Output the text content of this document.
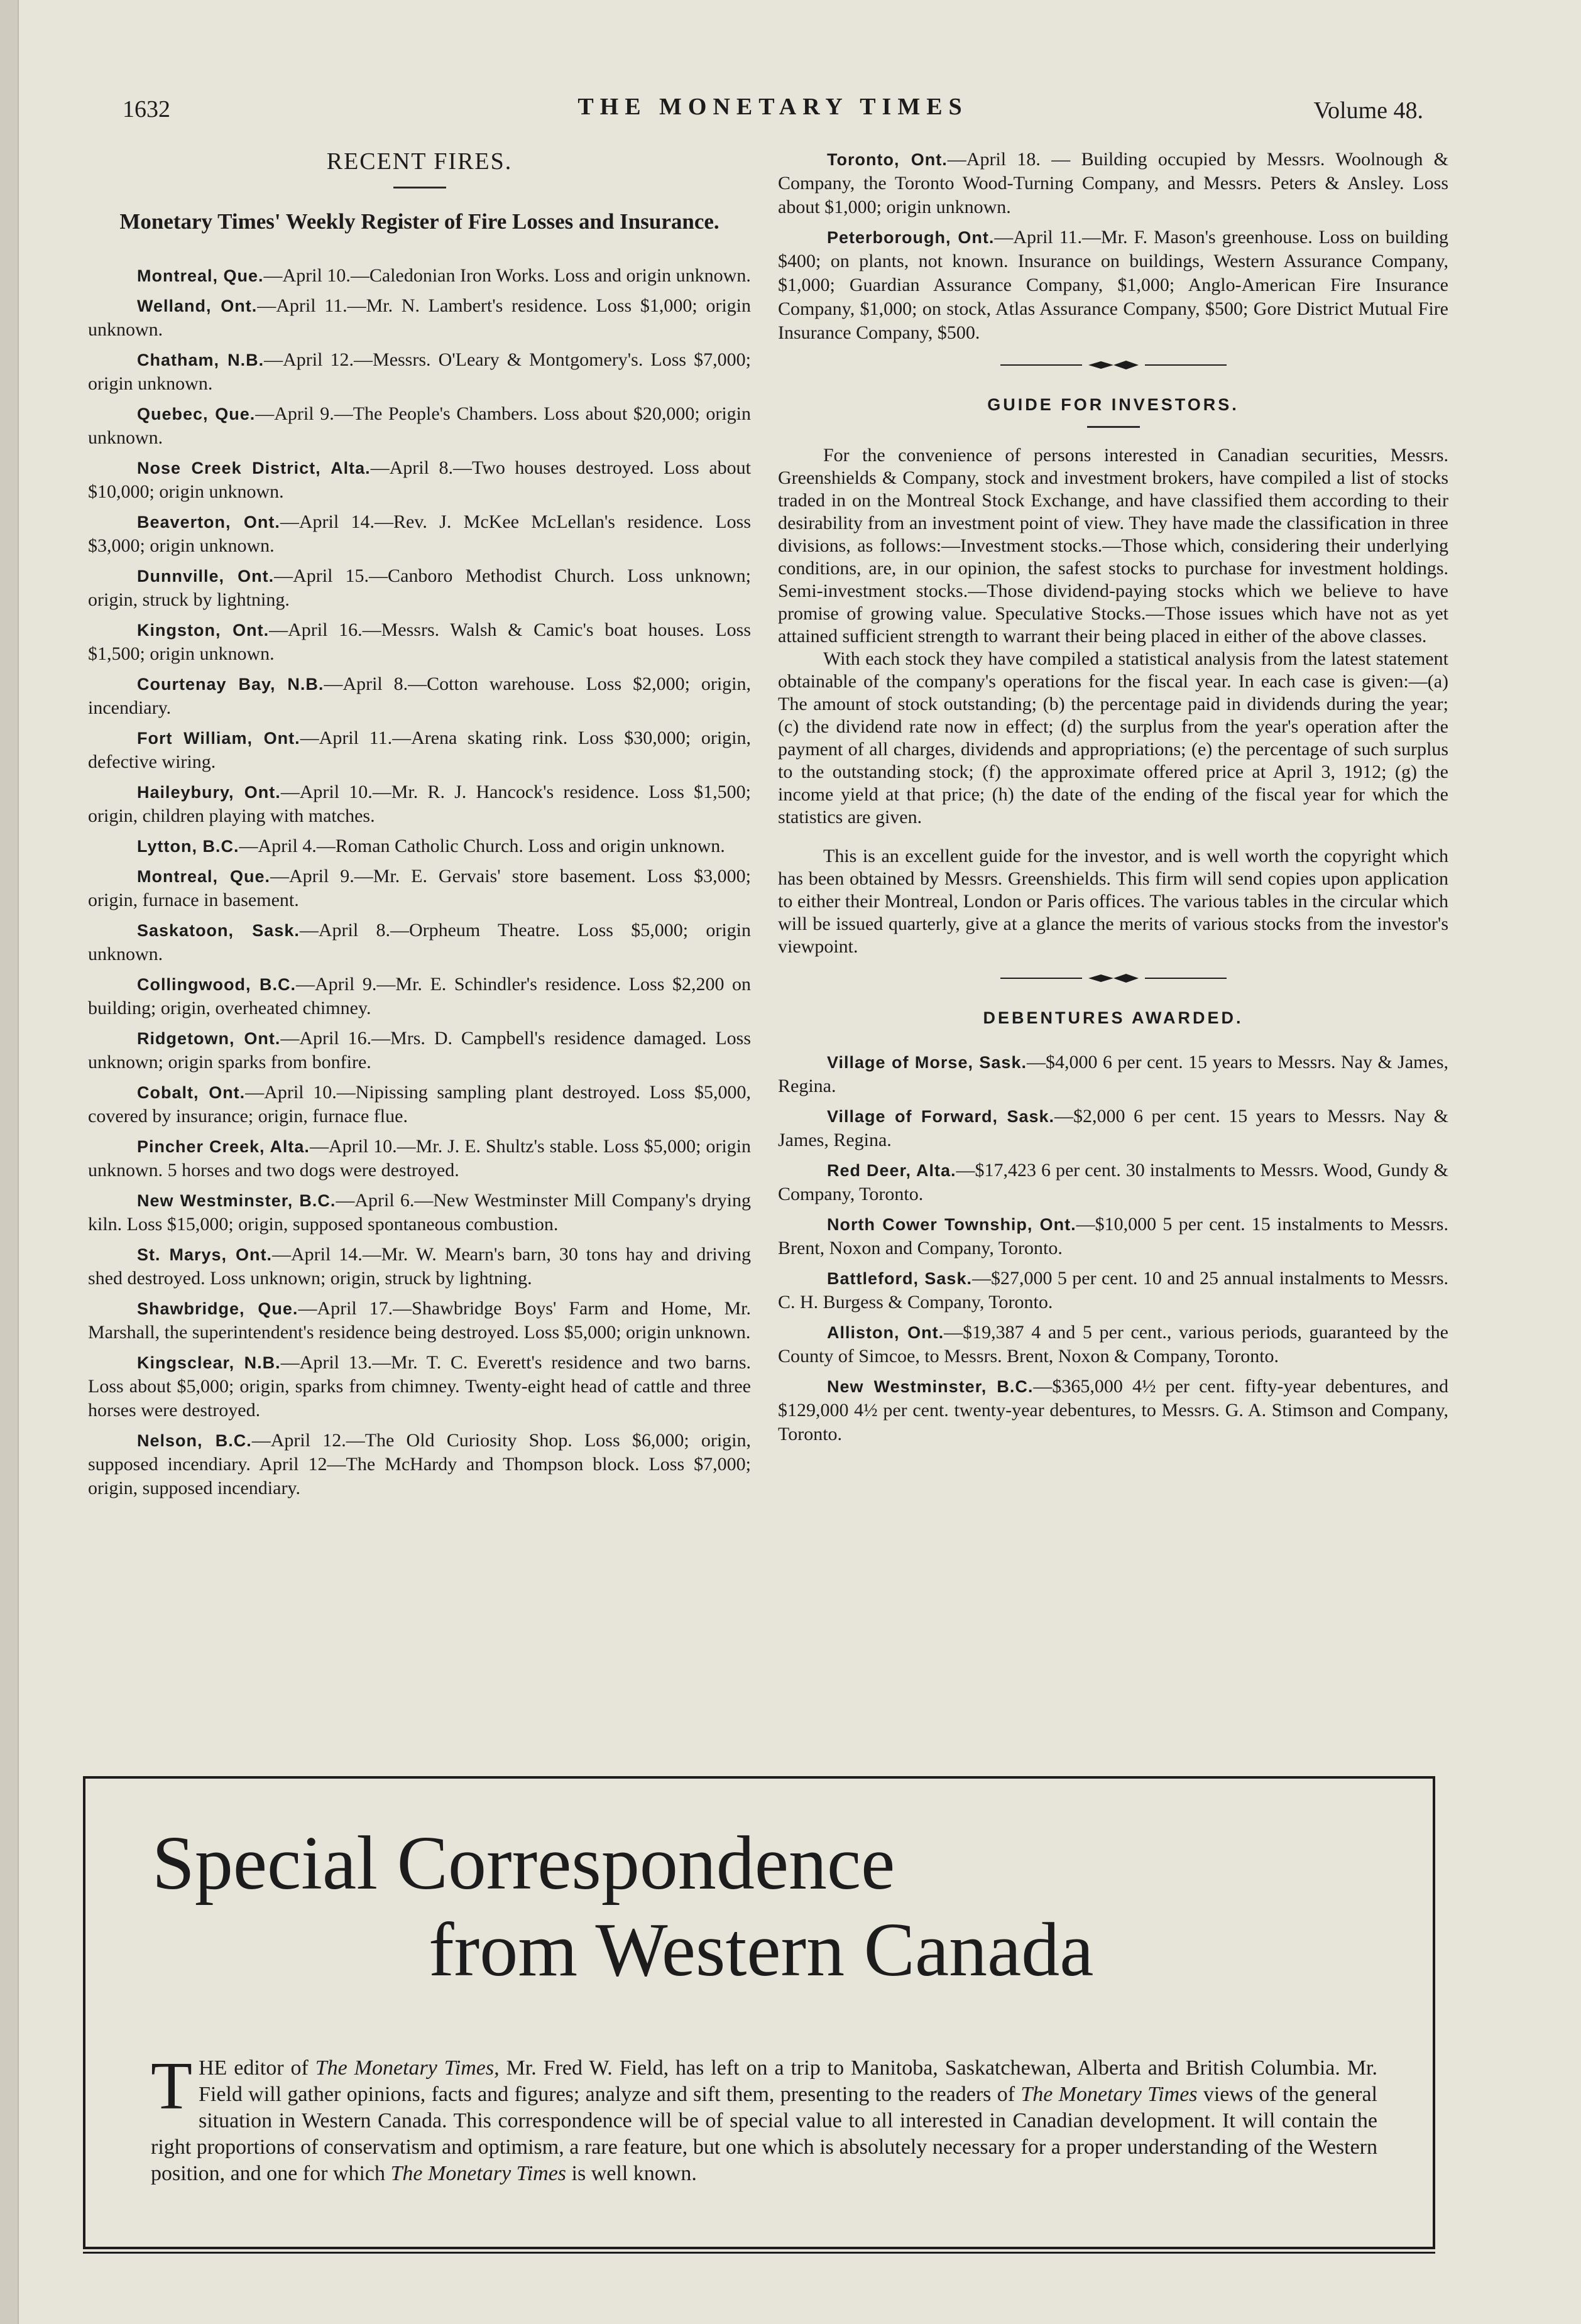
1632	THE MONETARY TIMES	Volume 48.
RECENT FIRES.
Monetary Times' Weekly Register of Fire Losses and Insurance.

Montreal, Que.—April 10.—Caledonian Iron Works. Loss and origin unknown.

Welland, Ont.—April 11.—Mr. N. Lambert's residence. Loss $1,000; origin unknown.

Chatham, N.B.—April 12.—Messrs. O'Leary & Montgomery's. Loss $7,000; origin unknown.

Quebec, Que.—April 9.—The People's Chambers. Loss about $20,000; origin unknown.

Nose Creek District, Alta.—April 8.—Two houses destroyed. Loss about $10,000; origin unknown.

Beaverton, Ont.—April 14.—Rev. J. McKee McLellan's residence. Loss $3,000; origin unknown.

Dunnville, Ont.—April 15.—Canboro Methodist Church. Loss unknown; origin, struck by lightning.

Kingston, Ont.—April 16.—Messrs. Walsh & Camic's boat houses. Loss $1,500; origin unknown.

Courtenay Bay, N.B.—April 8.—Cotton warehouse. Loss $2,000; origin, incendiary.

Fort William, Ont.—April 11.—Arena skating rink. Loss $30,000; origin, defective wiring.

Haileybury, Ont.—April 10.—Mr. R. J. Hancock's residence. Loss $1,500; origin, children playing with matches.

Lytton, B.C.—April 4.—Roman Catholic Church. Loss and origin unknown.

Montreal, Que.—April 9.—Mr. E. Gervais' store basement. Loss $3,000; origin, furnace in basement.

Saskatoon, Sask.—April 8.—Orpheum Theatre. Loss $5,000; origin unknown.

Collingwood, B.C.—April 9.—Mr. E. Schindler's residence. Loss $2,200 on building; origin, overheated chimney.

Ridgetown, Ont.—April 16.—Mrs. D. Campbell's residence damaged. Loss unknown; origin sparks from bonfire.

Cobalt, Ont.—April 10.—Nipissing sampling plant destroyed. Loss $5,000, covered by insurance; origin, furnace flue.

Pincher Creek, Alta.—April 10.—Mr. J. E. Shultz's stable. Loss $5,000; origin unknown. 5 horses and two dogs were destroyed.

New Westminster, B.C.—April 6.—New Westminster Mill Company's drying kiln. Loss $15,000; origin, supposed spontaneous combustion.

St. Marys, Ont.—April 14.—Mr. W. Mearn's barn, 30 tons hay and driving shed destroyed. Loss unknown; origin, struck by lightning.

Shawbridge, Que.—April 17.—Shawbridge Boys' Farm and Home, Mr. Marshall, the superintendent's residence being destroyed. Loss $5,000; origin unknown.

Kingsclear, N.B.—April 13.—Mr. T. C. Everett's residence and two barns. Loss about $5,000; origin, sparks from chimney. Twenty-eight head of cattle and three horses were destroyed.

Nelson, B.C.—April 12.—The Old Curiosity Shop. Loss $6,000; origin, supposed incendiary. April 12—The McHardy and Thompson block. Loss $7,000; origin, supposed incendiary.

Toronto, Ont.—April 18. — Building occupied by Messrs. Woolnough & Company, the Toronto Wood-Turning Company, and Messrs. Peters & Ansley. Loss about $1,000; origin unknown.

Peterborough, Ont.—April 11.—Mr. F. Mason's greenhouse. Loss on building $400; on plants, not known. Insurance on buildings, Western Assurance Company, $1,000; Guardian Assurance Company, $1,000; Anglo-American Fire Insurance Company, $1,000; on stock, Atlas Assurance Company, $500; Gore District Mutual Fire Insurance Company, $500.

GUIDE FOR INVESTORS.

For the convenience of persons interested in Canadian securities, Messrs. Greenshields & Company, stock and investment brokers, have compiled a list of stocks traded in on the Montreal Stock Exchange, and have classified them according to their desirability from an investment point of view. They have made the classification in three divisions, as follows:—Investment stocks.—Those which, considering their underlying conditions, are, in our opinion, the safest stocks to purchase for investment holdings. Semi-investment stocks.—Those dividend-paying stocks which we believe to have promise of growing value. Speculative Stocks.—Those issues which have not as yet attained sufficient strength to warrant their being placed in either of the above classes.

With each stock they have compiled a statistical analysis from the latest statement obtainable of the company's operations for the fiscal year. In each case is given:—(a) The amount of stock outstanding; (b) the percentage paid in dividends during the year; (c) the dividend rate now in effect; (d) the surplus from the year's operation after the payment of all charges, dividends and appropriations; (e) the percentage of such surplus to the outstanding stock; (f) the approximate offered price at April 3, 1912; (g) the income yield at that price; (h) the date of the ending of the fiscal year for which the statistics are given.

This is an excellent guide for the investor, and is well worth the copyright which has been obtained by Messrs. Greenshields. This firm will send copies upon application to either their Montreal, London or Paris offices. The various tables in the circular which will be issued quarterly, give at a glance the merits of various stocks from the investor's viewpoint.

DEBENTURES AWARDED.

Village of Morse, Sask.—$4,000 6 per cent. 15 years to Messrs. Nay & James, Regina.

Village of Forward, Sask.—$2,000 6 per cent. 15 years to Messrs. Nay & James, Regina.

Red Deer, Alta.—$17,423 6 per cent. 30 instalments to Messrs. Wood, Gundy & Company, Toronto.

North Cower Township, Ont.—$10,000 5 per cent. 15 instalments to Messrs. Brent, Noxon and Company, Toronto.

Battleford, Sask.—$27,000 5 per cent. 10 and 25 annual instalments to Messrs. C. H. Burgess & Company, Toronto.

Alliston, Ont.—$19,387 4 and 5 per cent., various periods, guaranteed by the County of Simcoe, to Messrs. Brent, Noxon & Company, Toronto.

New Westminster, B.C.—$365,000 4½ per cent. fifty-year debentures, and $129,000 4½ per cent. twenty-year debentures, to Messrs. G. A. Stimson and Company, Toronto.

Special Correspondence
from Western Canada
THE editor of The Monetary Times, Mr. Fred W. Field, has left on a trip to Manitoba, Saskatchewan, Alberta and British Columbia. Mr. Field will gather opinions, facts and figures; analyze and sift them, presenting to the readers of The Monetary Times views of the general situation in Western Canada. This correspondence will be of special value to all interested in Canadian development. It will contain the right proportions of conservatism and optimism, a rare feature, but one which is absolutely necessary for a proper understanding of the Western position, and one for which The Monetary Times is well known.
